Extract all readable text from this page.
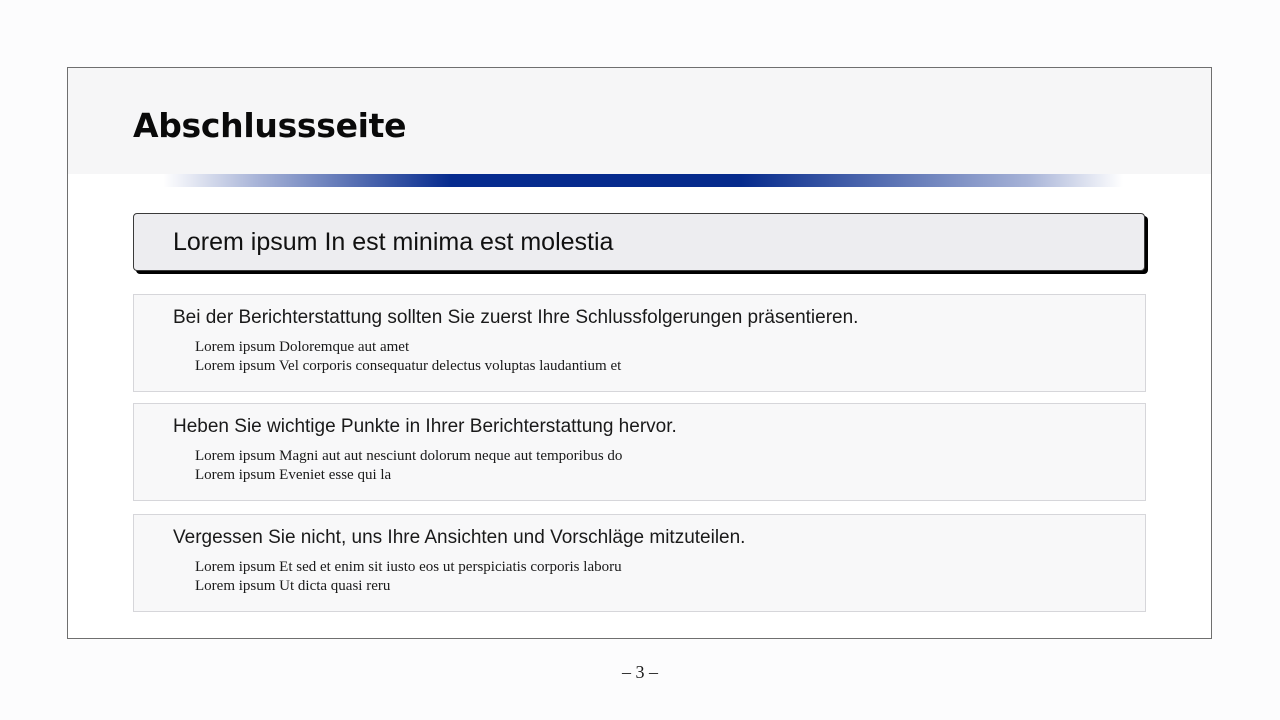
Abschlussseite
Lorem ipsum In est minima est molestia
Bei der Berichterstattung sollten Sie zuerst Ihre Schlussfolgerungen präsentieren.
Lorem ipsum Doloremque aut amet
Lorem ipsum Vel corporis consequatur delectus voluptas laudantium et
Heben Sie wichtige Punkte in Ihrer Berichterstattung hervor.
Lorem ipsum Magni aut aut nesciunt dolorum neque aut temporibus do
Lorem ipsum Eveniet esse qui la
Vergessen Sie nicht, uns Ihre Ansichten und Vorschläge mitzuteilen.
Lorem ipsum Et sed et enim sit iusto eos ut perspiciatis corporis laboru
Lorem ipsum Ut dicta quasi reru
– 3 –
